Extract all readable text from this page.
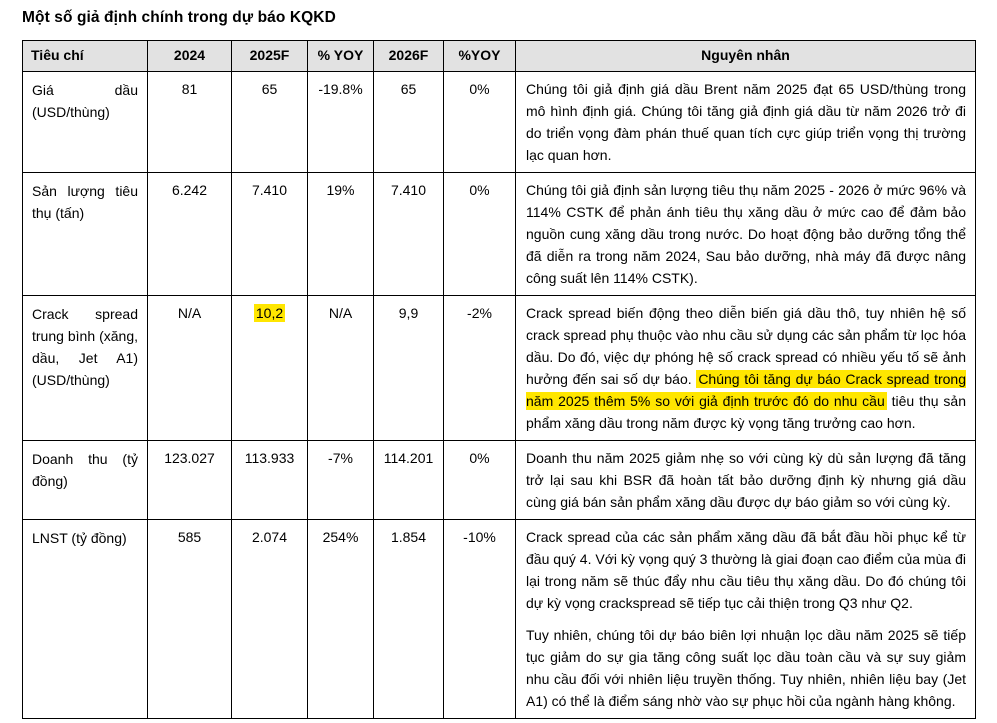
Một số giả định chính trong dự báo KQKD
Tiêu chí	2024	2025F	% YOY	2026F	%YOY	Nguyên nhân
Giá dầu (USD/thùng)	81	65	-19.8%	65	0%	Chúng tôi giả định giá dầu Brent năm 2025 đạt 65 USD/thùng trong mô hình định giá. Chúng tôi tăng giả định giá dầu từ năm 2026 trở đi do triển vọng đàm phán thuế quan tích cực giúp triển vọng thị trường lạc quan hơn.
Sản lượng tiêu thụ (tấn)	6.242	7.410	19%	7.410	0%	Chúng tôi giả định sản lượng tiêu thụ năm 2025 - 2026 ở mức 96% và 114% CSTK để phản ánh tiêu thụ xăng dầu ở mức cao để đảm bảo nguồn cung xăng dầu trong nước. Do hoạt động bảo dưỡng tổng thể đã diễn ra trong năm 2024, Sau bảo dưỡng, nhà máy đã được nâng công suất lên 114% CSTK).
Crack spread trung bình (xăng, dầu, Jet A1) (USD/thùng)	N/A	10,2	N/A	9,9	-2%	Crack spread biến động theo diễn biến giá dầu thô, tuy nhiên hệ số crack spread phụ thuộc vào nhu cầu sử dụng các sản phẩm từ lọc hóa dầu. Do đó, việc dự phóng hệ số crack spread có nhiều yếu tố sẽ ảnh hưởng đến sai số dự báo. Chúng tôi tăng dự báo Crack spread trong năm 2025 thêm 5% so với giả định trước đó do nhu cầu tiêu thụ sản phẩm xăng dầu trong năm được kỳ vọng tăng trưởng cao hơn.
Doanh thu (tỷ đồng)	123.027	113.933	-7%	114.201	0%	Doanh thu năm 2025 giảm nhẹ so với cùng kỳ dù sản lượng đã tăng trở lại sau khi BSR đã hoàn tất bảo dưỡng định kỳ nhưng giá dầu cùng giá bán sản phẩm xăng dầu được dự báo giảm so với cùng kỳ.
LNST (tỷ đồng)	585	2.074	254%	1.854	-10%	Crack spread của các sản phẩm xăng dầu đã bắt đầu hồi phục kể từ đầu quý 4. Với kỳ vọng quý 3 thường là giai đoạn cao điểm của mùa đi lại trong năm sẽ thúc đẩy nhu cầu tiêu thụ xăng dầu. Do đó chúng tôi dự kỳ vọng crackspread sẽ tiếp tục cải thiện trong Q3 như Q2.

Tuy nhiên, chúng tôi dự báo biên lợi nhuận lọc dầu năm 2025 sẽ tiếp tục giảm do sự gia tăng công suất lọc dầu toàn cầu và sự suy giảm nhu cầu đối với nhiên liệu truyền thống. Tuy nhiên, nhiên liệu bay (Jet A1) có thể là điểm sáng nhờ vào sự phục hồi của ngành hàng không.
